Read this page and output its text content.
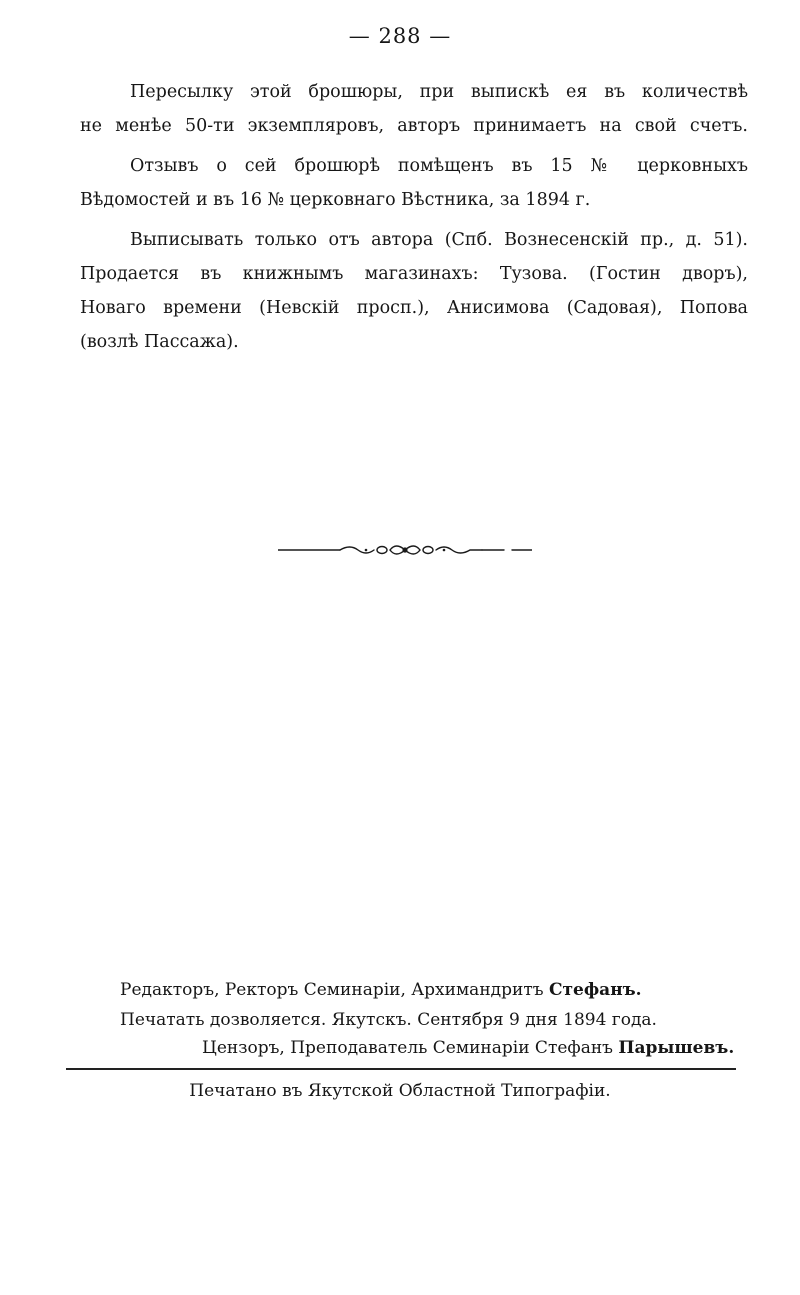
— 288 —

Пересылку этой брошюры, при выпискѣ ея въ количествѣ
не менѣе 50-ти экземпляровъ, авторъ принимаетъ на свой счетъ.

Отзывъ о сей брошюрѣ помѣщенъ въ 15 № церковныхъ
Вѣдомостей и въ 16 № церковнаго Вѣстника, за 1894 г.

Выписывать только отъ автора (Спб. Вознесенскій пр., д. 51).
Продается въ книжнымъ магазинахъ: Тузова. (Гостин дворъ),
Новаго времени (Невскій просп.), Анисимова (Садовая), Попова
(возлѣ Пассажа).

Редакторъ, Ректоръ Семинаріи, Архимандритъ Стефанъ.
Печатать дозволяется. Якутскъ. Сентября 9 дня 1894 года.
Цензоръ, Преподаватель Семинаріи Стефанъ Парышевъ.
Печатано въ Якутской Областной Типографіи.
